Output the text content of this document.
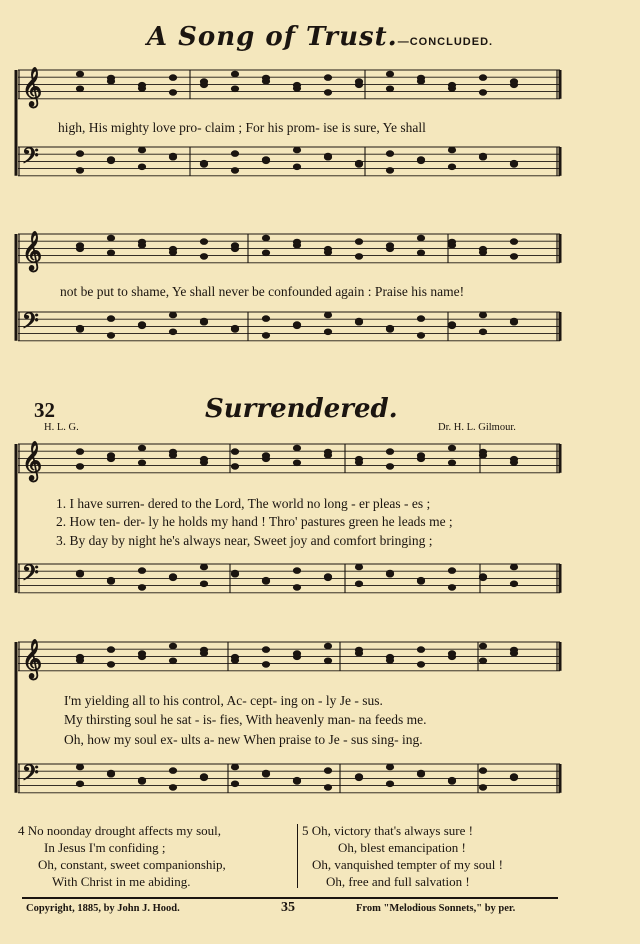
𝄞
𝄢
𝄞
𝄢
𝄞
𝄢
𝄞
𝄢
A Song of Trust.—CONCLUDED.
high, His mighty love pro- claim ; For his prom- ise is sure, Ye shall
not be put to shame, Ye shall never be confounded again : Praise his name!
32	Surrendered.
H. L. G.	Dr. H. L. Gilmour.
1. I have surren- dered to the Lord, The world no long - er pleas - es ;
2. How ten- der- ly he holds my hand ! Thro' pastures green he leads me ;
3. By day by night he's always near, Sweet joy and comfort bringing ;
I'm yielding all to his control, Ac- cept- ing on - ly Je - sus.
My thirsting soul he sat - is- fies, With heavenly man- na feeds me.
Oh, how my soul ex- ults a- new When praise to Je - sus sing- ing.
4 No noonday drought affects my soul,
In Jesus I'm confiding ;
Oh, constant, sweet companionship,
With Christ in me abiding.
5 Oh, victory that's always sure !
Oh, blest emancipation !
Oh, vanquished tempter of my soul !
Oh, free and full salvation !
Copyright, 1885, by John J. Hood.	35	From "Melodious Sonnets," by per.
